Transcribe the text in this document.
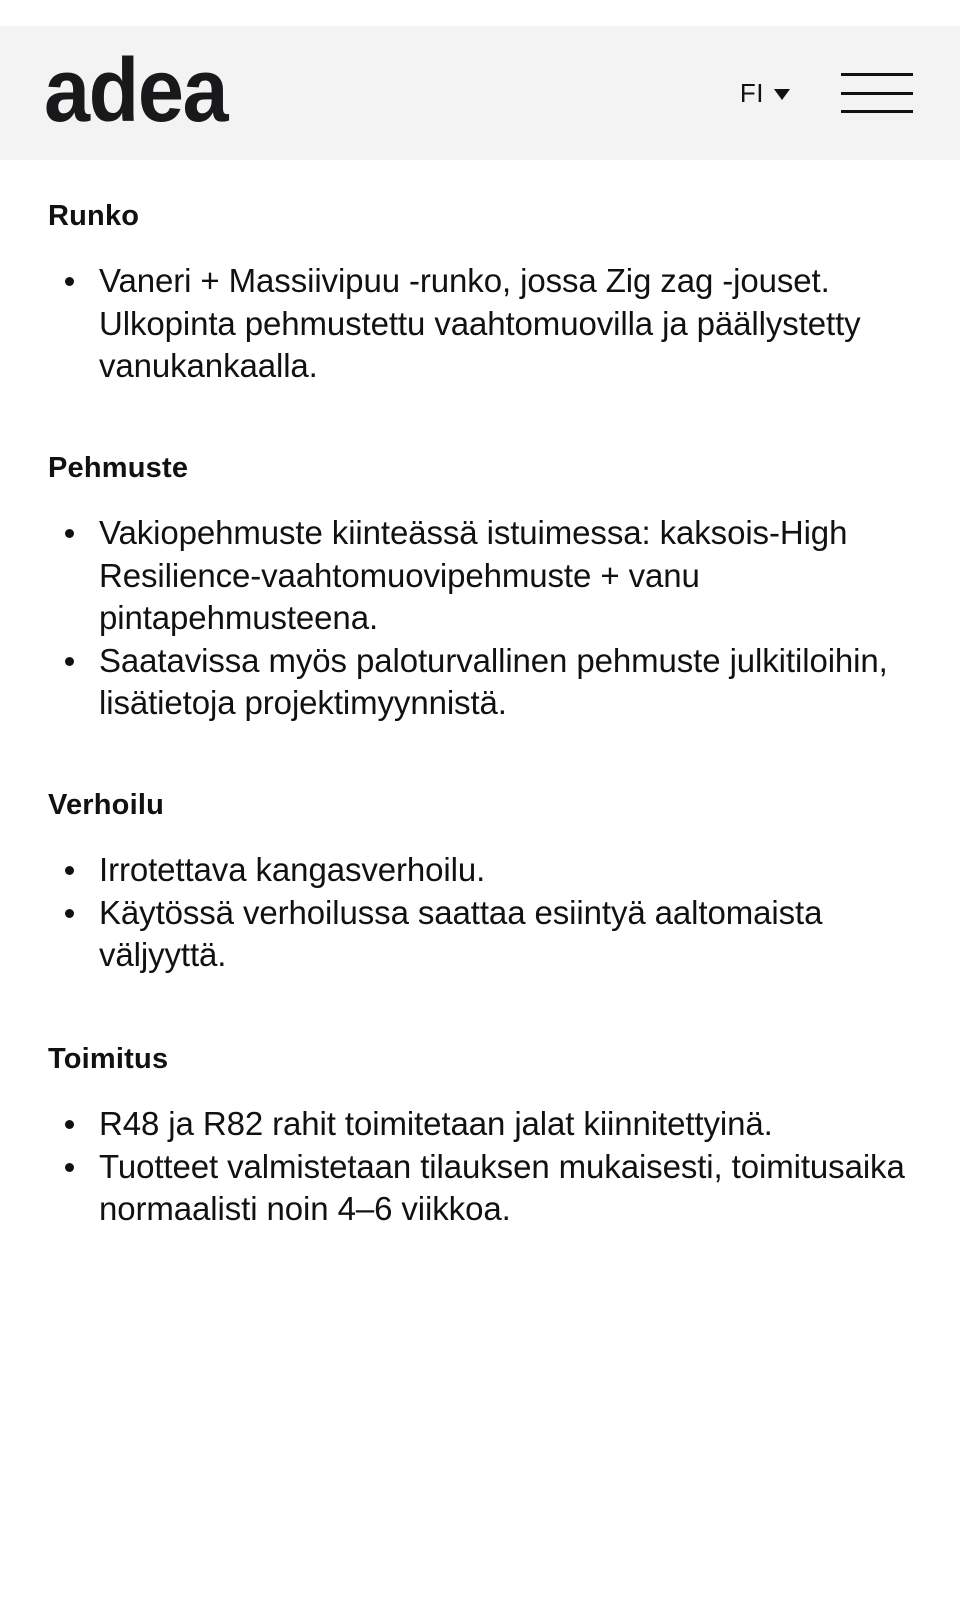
adea	FI
Runko
Vaneri + Massiivipuu -runko, jossa Zig zag -jouset. Ulkopinta pehmustettu vaahtomuovilla ja päällystetty vanukankaalla.
Pehmuste
Vakiopehmuste kiinteässä istuimessa: kaksois-High Resilience-vaahtomuovipehmuste + vanu pintapehmusteena.
Saatavissa myös paloturvallinen pehmuste julkitiloihin, lisätietoja projektimyynnistä.
Verhoilu
Irrotettava kangasverhoilu.
Käytössä verhoilussa saattaa esiintyä aaltomaista väljyyttä.
Toimitus
R48 ja R82 rahit toimitetaan jalat kiinnitettyinä.
Tuotteet valmistetaan tilauksen mukaisesti, toimitusaika normaalisti noin 4–6 viikkoa.
